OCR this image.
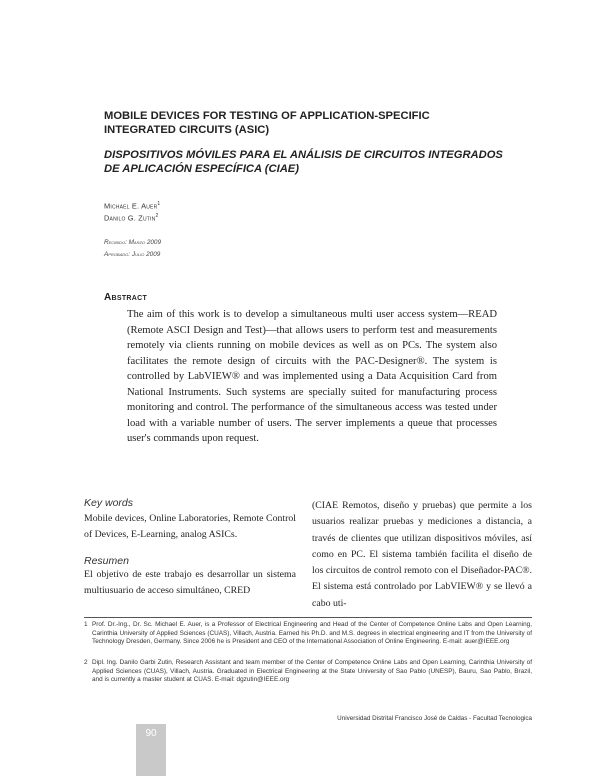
MOBILE DEVICES FOR TESTING OF APPLICATION-SPECIFIC INTEGRATED CIRCUITS (ASIC)
DISPOSITIVOS MÓVILES PARA EL ANÁLISIS DE CIRCUITOS INTEGRADOS DE APLICACIÓN ESPECÍFICA (CIAE)
Michael E. Auer$^1$
Danilo G. Zutin$^2$
Recibido: Marzo 2009
Aprobado: Julio 2009
Abstract
The aim of this work is to develop a simultaneous multi user access system—READ (Remote ASCI Design and Test)—that allows users to perform test and measurements remotely via clients running on mobile devices as well as on PCs. The system also facilitates the remote design of circuits with the PAC-Designer®. The system is controlled by LabVIEW® and was implemented using a Data Acquisition Card from National Instruments. Such systems are specially suited for manufacturing process monitoring and control. The performance of the simultaneous access was tested under load with a variable number of users. The server implements a queue that processes user's commands upon request.
Key words
Mobile devices, Online Laboratories, Remote Control of Devices, E-Learning, analog ASICs.
Resumen
El objetivo de este trabajo es desarrollar un sistema multiusuario de acceso simultáneo, CRED
(CIAE Remotos, diseño y pruebas) que permite a los usuarios realizar pruebas y mediciones a distancia, a través de clientes que utilizan dispositivos móviles, así como en PC. El sistema también facilita el diseño de los circuitos de control remoto con el Diseñador-PAC®. El sistema está controlado por LabVIEW® y se llevó a cabo uti-
1 Prof. Dr.-Ing., Dr. Sc. Michael E. Auer, is a Professor of Electrical Engineering and Head of the Center of Competence Online Labs and Open Learning, Carinthia University of Applied Sciences (CUAS), Villach, Austria. Earned his Ph.D. and M.S. degrees in electrical engineering and IT from the University of Technology Dresden, Germany. Since 2006 he is President and CEO of the International Association of Online Engineering. E-mail: auer@IEEE.org
2 Dipl. Ing. Danilo Garbi Zutin, Research Assistant and team member of the Center of Competence Online Labs and Open Learning, Carinthia University of Applied Sciences (CUAS), Villach, Austria. Graduated in Electrical Engineering at the State University of Sao Pablo (UNESP), Bauru, Sao Pablo, Brazil, and is currently a master student at CUAS. E-mail: dgzutin@IEEE.org
Universidad Distrital Francisco José de Caldas - Facultad Tecnologica
90
